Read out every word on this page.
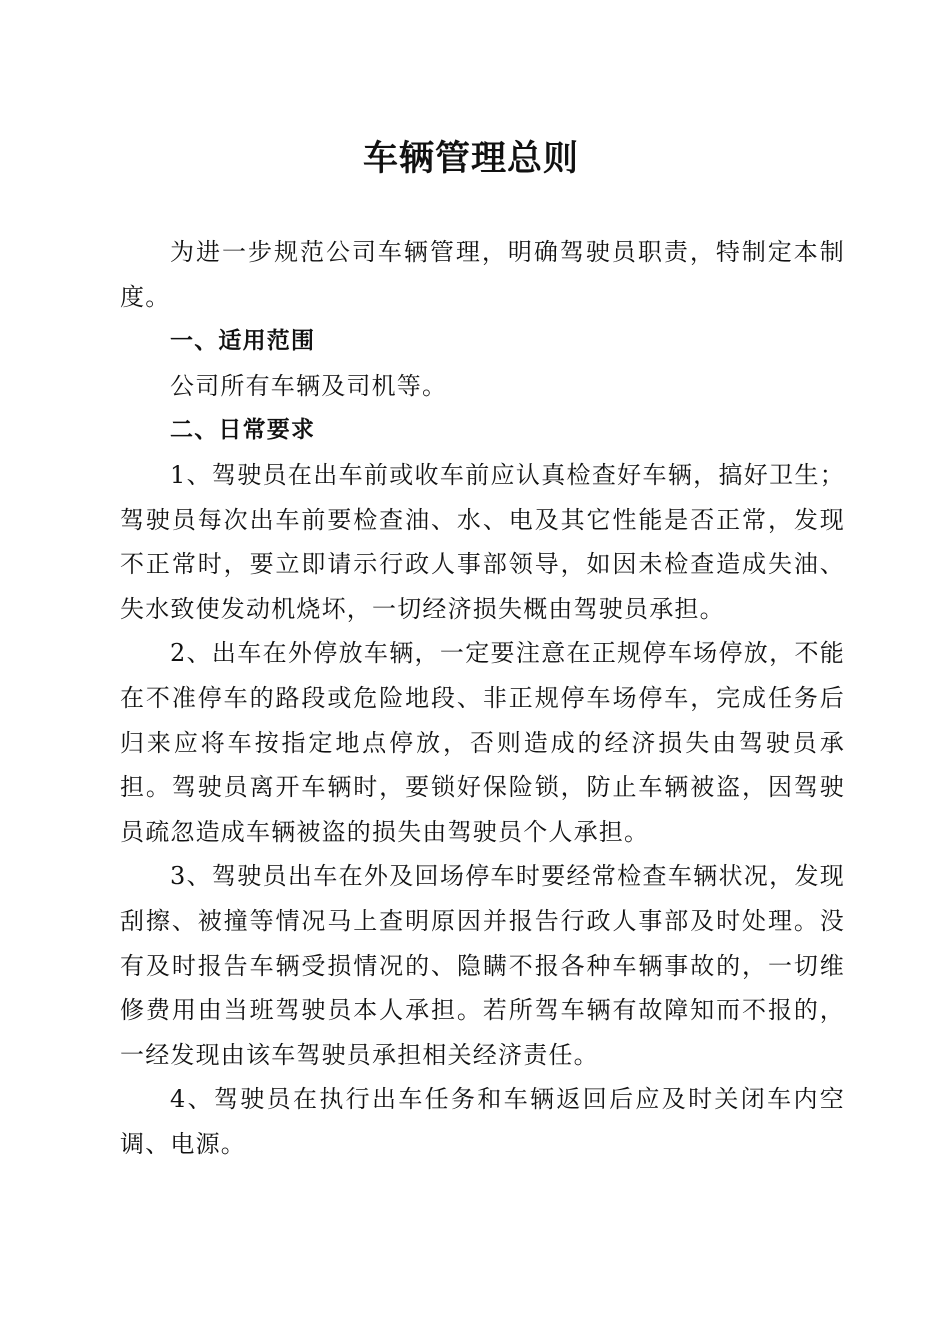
车辆管理总则

为进一步规范公司车辆管理，明确驾驶员职责，特制定本制度。

一、适用范围

公司所有车辆及司机等。

二、日常要求

1、驾驶员在出车前或收车前应认真检查好车辆，搞好卫生；驾驶员每次出车前要检查油、水、电及其它性能是否正常，发现不正常时，要立即请示行政人事部领导，如因未检查造成失油、失水致使发动机烧坏，一切经济损失概由驾驶员承担。

2、出车在外停放车辆，一定要注意在正规停车场停放，不能在不准停车的路段或危险地段、非正规停车场停车，完成任务后归来应将车按指定地点停放，否则造成的经济损失由驾驶员承担。驾驶员离开车辆时，要锁好保险锁，防止车辆被盗，因驾驶员疏忽造成车辆被盗的损失由驾驶员个人承担。

3、驾驶员出车在外及回场停车时要经常检查车辆状况，发现刮擦、被撞等情况马上查明原因并报告行政人事部及时处理。没有及时报告车辆受损情况的、隐瞒不报各种车辆事故的，一切维修费用由当班驾驶员本人承担。若所驾车辆有故障知而不报的，一经发现由该车驾驶员承担相关经济责任。

4、驾驶员在执行出车任务和车辆返回后应及时关闭车内空调、电源。
